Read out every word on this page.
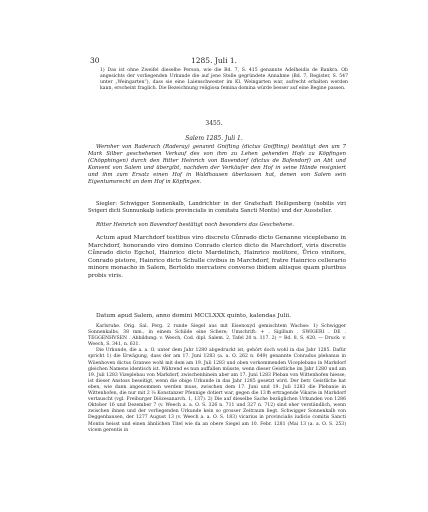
30	1285. Juli 1.

1) Das ist ohne Zweifel dieselbe Person, wie die Bd. 7, S. 415 genannte Adelheidis de Bankra. Ob angesichts der vorliegenden Urkunde die auf jene Stelle gegründete Annahme (Bd. 7, Register, S. 547 unter „Weingarten“), dass sie eine Laienschwester im Kl. Weingarten war, aufrecht erhalten werden kann, erscheint fraglich. Die Bezeichnung religiosa femina domina würde besser auf eine Begine passen.

3455.
Salem 1285. Juli 1.

Wernher von Raderach (Raderay) genannt Gnifting (dictus Gniffting) bestätigt den um 7 Mark Silber geschehenen Verkauf des von ihm zu Lehen gehenden Hofs zu Köpfingen (Chöpphingen) durch den Ritter Heinrich von Bavendorf (dictus de Bafendorf) an Abt und Konvent von Salem und übergibt, nachdem der Verkäufer den Hof in seine Hände resigniert und ihm zum Ersatz einen Hof in Waldhausen überlassen hat, denen von Salem sein Eigentumsrecht an dem Hof in Köpfingen.

Siegler: Schwigger Sonnenkalb, Landrichter in der Grafschaft Heiligenberg (nobilis viri Svigeri dicti Sunnunkalp iudicis provincialis in comitatu Sancti Montis) und der Aussteller.

Ritter Heinrich von Bavendorf bestätigt noch besonders das Geschehene.

Actum apud Marchdorf testibus viro discreto Cůnrado dicto Genanne viceplebano in Marchdorf, honorando viro domino Conrado clerico dicto de Marchdorf, viris discretis Cůnrado dicto Egchol, Hainrico dicto Mardelinch, Hainrico molitore, Ůrico vinitore, Conrado pistore, Hainrico dicto Schulle civibus in Marchdorf, fratre Hainrico cellerario minore monacho in Salem, Bertoldo mercatore converso ibidem aliisque quam pluribus probis viris.

Datum apud Salem, anno domini MCCLXXX quinto, kalendas Julii.

Karlsruhe. Orig. Sal. Perg. 2 runde Siegel aus mit Eisenoxyd gemischtem Wachse: 1) Schwigger Sonnenkalbs, 38 mm., in einem Schilde eine Schere; Umschrift: + . Sigillum . SWIGERI . DE . TEGGENHVSEN . Abbildung: v. Weech, Cod. dipl. Salem. 2, Tafel 20 n. 117. 2) = Bd. 8, S. 420. — Druck: v. Weech, S. 341, n. 631.

Die Urkunde, die a. a. O. unter dem Jahr 1280 abgedruckt ist, gehört doch wohl in das Jahr 1285. Dafür spricht 1) die Erwägung, dass der am 17. Juni 1283 (a. a. O. 262 n. 649) genannte Conradus plebanus in Wiienhoven dictus Granwe wohl mit dem am 19. Juli 1283 und oben vorkommenden Viceplebano in Markdorf gleichen Namens identisch ist. Während es nun auffallen müsste, wenn dieser Geistliche im Jahr 1280 und am 19. Juli 1283 Vizeplebau von Markdorf, zwischenhinein aber am 17. Juni 1283 Pleban von Wittenhofen hiesse, ist dieser Anstoss beseitigt, wenn die obige Urkunde in das Jahr 1285 gesetzt wird. Der betr. Geistliche hat eben, wie dann angenommen werden muss, zwischen dem 17. Juni und 19. Juli 1283 die Plebanie in Wittenhofen, die nur mit 2 ⅛ Konstanzer Pfennige dotiert war, gegen die 13 ℔ ertragende Vikarie in Markdorf vertauscht (vgl. Freiburger Diözesanarch. 1, 137). 2) Die auf dieselbe Sache bezüglichen Urkunden von 1286 Oktober 16 und Dezember 7 (v. Weech a. a. O. S. 326 n. 711 und 327 n. 712) sind eher verständlich, wenn zwischen ihnen und der vorliegenden Urkunde kein so grosser Zeitraum liegt. Schwigger Sonnenkalb von Deggenhausen, der 1277 August 13 (v. Weech a. a. O. S. 183) vicarius in provincialis iudicio comitis Sancti Montis heisst und einen ähnlichen Titel wie da an obere Siegel am 10. Febr. 1281 (Mai 13 (a. a. O. S. 253) vicem gerentis in
